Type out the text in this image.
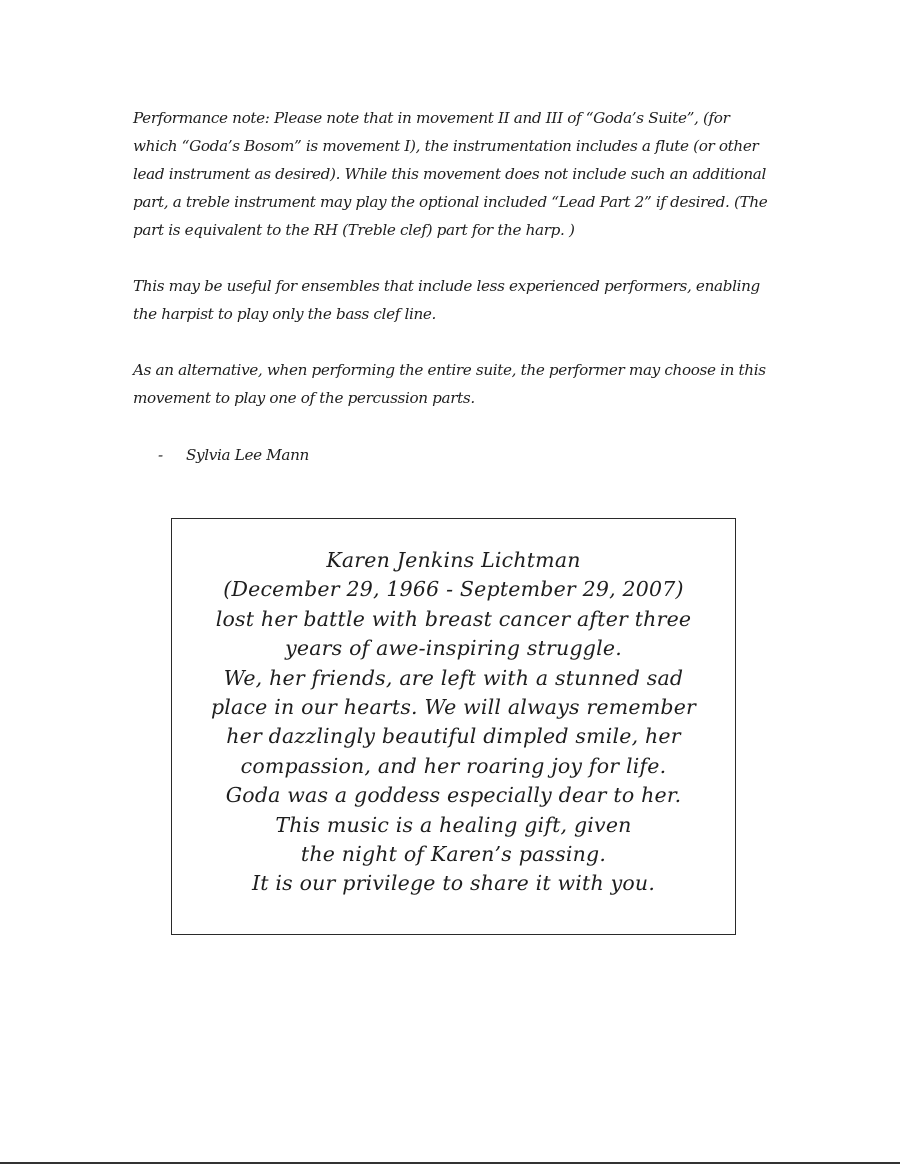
Performance note: Please note that in movement II and III of “Goda’s Suite”, (for which “Goda’s Bosom” is movement I), the instrumentation includes a flute (or other lead instrument as desired). While this movement does not include such an additional part, a treble instrument may play the optional included “Lead Part 2” if desired. (The part is equivalent to the RH (Treble clef) part for the harp. )

This may be useful for ensembles that include less experienced performers, enabling the harpist to play only the bass clef line.

As an alternative, when performing the entire suite, the performer may choose in this movement to play one of the percussion parts.

- Sylvia Lee Mann
Karen Jenkins Lichtman
(December 29, 1966 - September 29, 2007)
lost her battle with breast cancer after three
years of awe-inspiring struggle.
We, her friends, are left with a stunned sad
place in our hearts. We will always remember
her dazzlingly beautiful dimpled smile, her
compassion, and her roaring joy for life.
Goda was a goddess especially dear to her.
This music is a healing gift, given
the night of Karen’s passing.
It is our privilege to share it with you.
